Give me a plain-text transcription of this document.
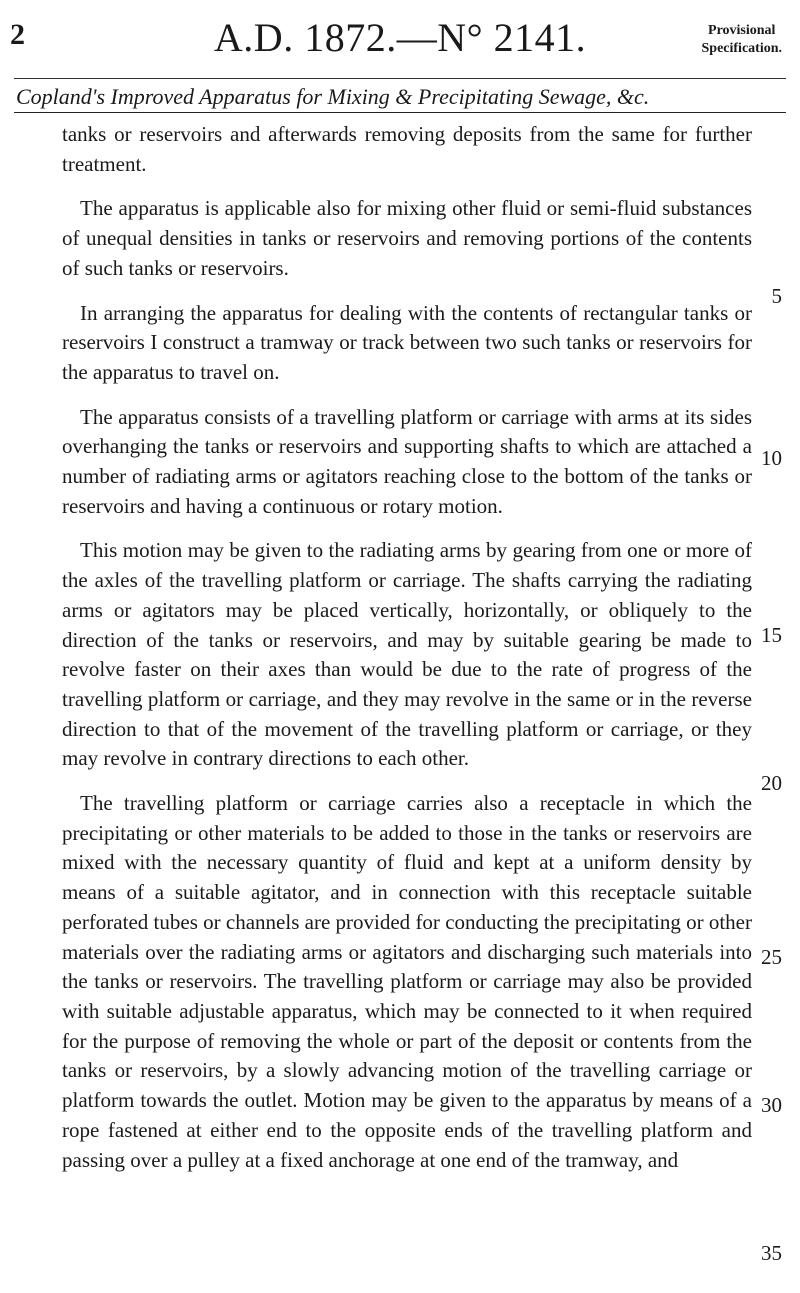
2	A.D. 1872.—N° 2141.	Provisional
Specification.
Copland's Improved Apparatus for Mixing & Precipitating Sewage, &c.

tanks or reservoirs and afterwards removing deposits from the same for further treatment.

The apparatus is applicable also for mixing other fluid or semi-fluid substances of unequal densities in tanks or reservoirs and removing portions of the contents of such tanks or reservoirs.

In arranging the apparatus for dealing with the contents of rectangular tanks or reservoirs I construct a tramway or track between two such tanks or reservoirs for the apparatus to travel on.

The apparatus consists of a travelling platform or carriage with arms at its sides overhanging the tanks or reservoirs and supporting shafts to which are attached a number of radiating arms or agitators reaching close to the bottom of the tanks or reservoirs and having a continuous or rotary motion.

This motion may be given to the radiating arms by gearing from one or more of the axles of the travelling platform or carriage. The shafts carrying the radiating arms or agitators may be placed vertically, horizontally, or obliquely to the direction of the tanks or reservoirs, and may by suitable gearing be made to revolve faster on their axes than would be due to the rate of progress of the travelling platform or carriage, and they may revolve in the same or in the reverse direction to that of the movement of the travelling platform or carriage, or they may revolve in contrary directions to each other.

The travelling platform or carriage carries also a receptacle in which the precipitating or other materials to be added to those in the tanks or reservoirs are mixed with the necessary quantity of fluid and kept at a uniform density by means of a suitable agitator, and in connection with this receptacle suitable perforated tubes or channels are provided for conducting the precipitating or other materials over the radiating arms or agitators and discharging such materials into the tanks or reservoirs. The travelling platform or carriage may also be provided with suitable adjustable apparatus, which may be connected to it when required for the purpose of removing the whole or part of the deposit or contents from the tanks or reservoirs, by a slowly advancing motion of the travelling carriage or platform towards the outlet. Motion may be given to the apparatus by means of a rope fastened at either end to the opposite ends of the travelling platform and passing over a pulley at a fixed anchorage at one end of the tramway, and

5
10
15
20
25
30
35
